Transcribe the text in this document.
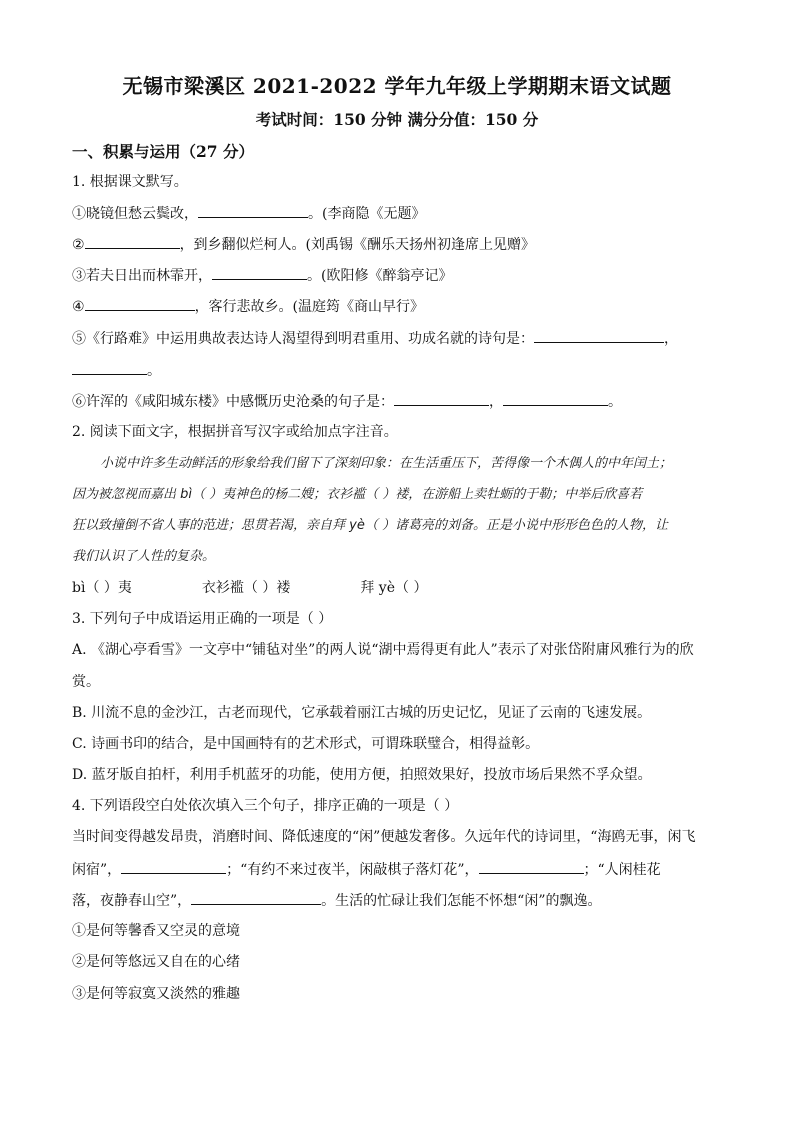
无锡市梁溪区 2021-2022 学年九年级上学期期末语文试题
考试时间：150 分钟 满分分值：150 分
一、积累与运用（27 分）
1. 根据课文默写。
①晓镜但愁云鬓改，	。(李商隐《无题》
②	，到乡翻似烂柯人。(刘禹锡《酬乐天扬州初逢席上见赠》
③若夫日出而林霏开，	。(欧阳修《醉翁亭记》
④	，客行悲故乡。(温庭筠《商山早行》
⑤《行路难》中运用典故表达诗人渴望得到明君重用、功成名就的诗句是：	，
。
⑥许浑的《咸阳城东楼》中感慨历史沧桑的句子是：	，	。
2. 阅读下面文字，根据拼音写汉字或给加点字注音。
小说中许多生动鲜活的形象给我们留下了深刻印象：在生活重压下，苦得像一个木偶人的中年闰土；
因为被忽视而嘉出 bì（ ）夷神色的杨二嫂；衣衫褴（ ）褛，在游船上卖牡蛎的于勒；中举后欣喜若
狂以致撞倒不省人事的范进；思贯若渴，亲自拜 yè（ ）诸葛亮的刘备。正是小说中形形色色的人物，让
我们认识了人性的复杂。
bì（ ）夷	衣衫褴（ ）褛	拜 yè（ ）
3. 下列句子中成语运用正确的一项是（ ）
A. 《湖心亭看雪》一文亭中“铺毡对坐”的两人说“湖中焉得更有此人”表示了对张岱附庸风雅行为的欣
赏。
B. 川流不息的金沙江，古老而现代，它承载着丽江古城的历史记忆，见证了云南的飞速发展。
C. 诗画书印的结合，是中国画特有的艺术形式，可谓珠联璧合，相得益彰。
D. 蓝牙版自拍杆，利用手机蓝牙的功能，使用方便，拍照效果好，投放市场后果然不孚众望。
4. 下列语段空白处依次填入三个句子，排序正确的一项是（ ）
当时间变得越发昂贵，消磨时间、降低速度的“闲”便越发奢侈。久远年代的诗词里，“海鸥无事，闲飞
闲宿”，	；“有约不来过夜半，闲敲棋子落灯花”，	；“人闲桂花
落，夜静春山空”，	。生活的忙碌让我们怎能不怀想“闲”的飘逸。
①是何等馨香又空灵的意境
②是何等悠远又自在的心绪
③是何等寂寞又淡然的雅趣
